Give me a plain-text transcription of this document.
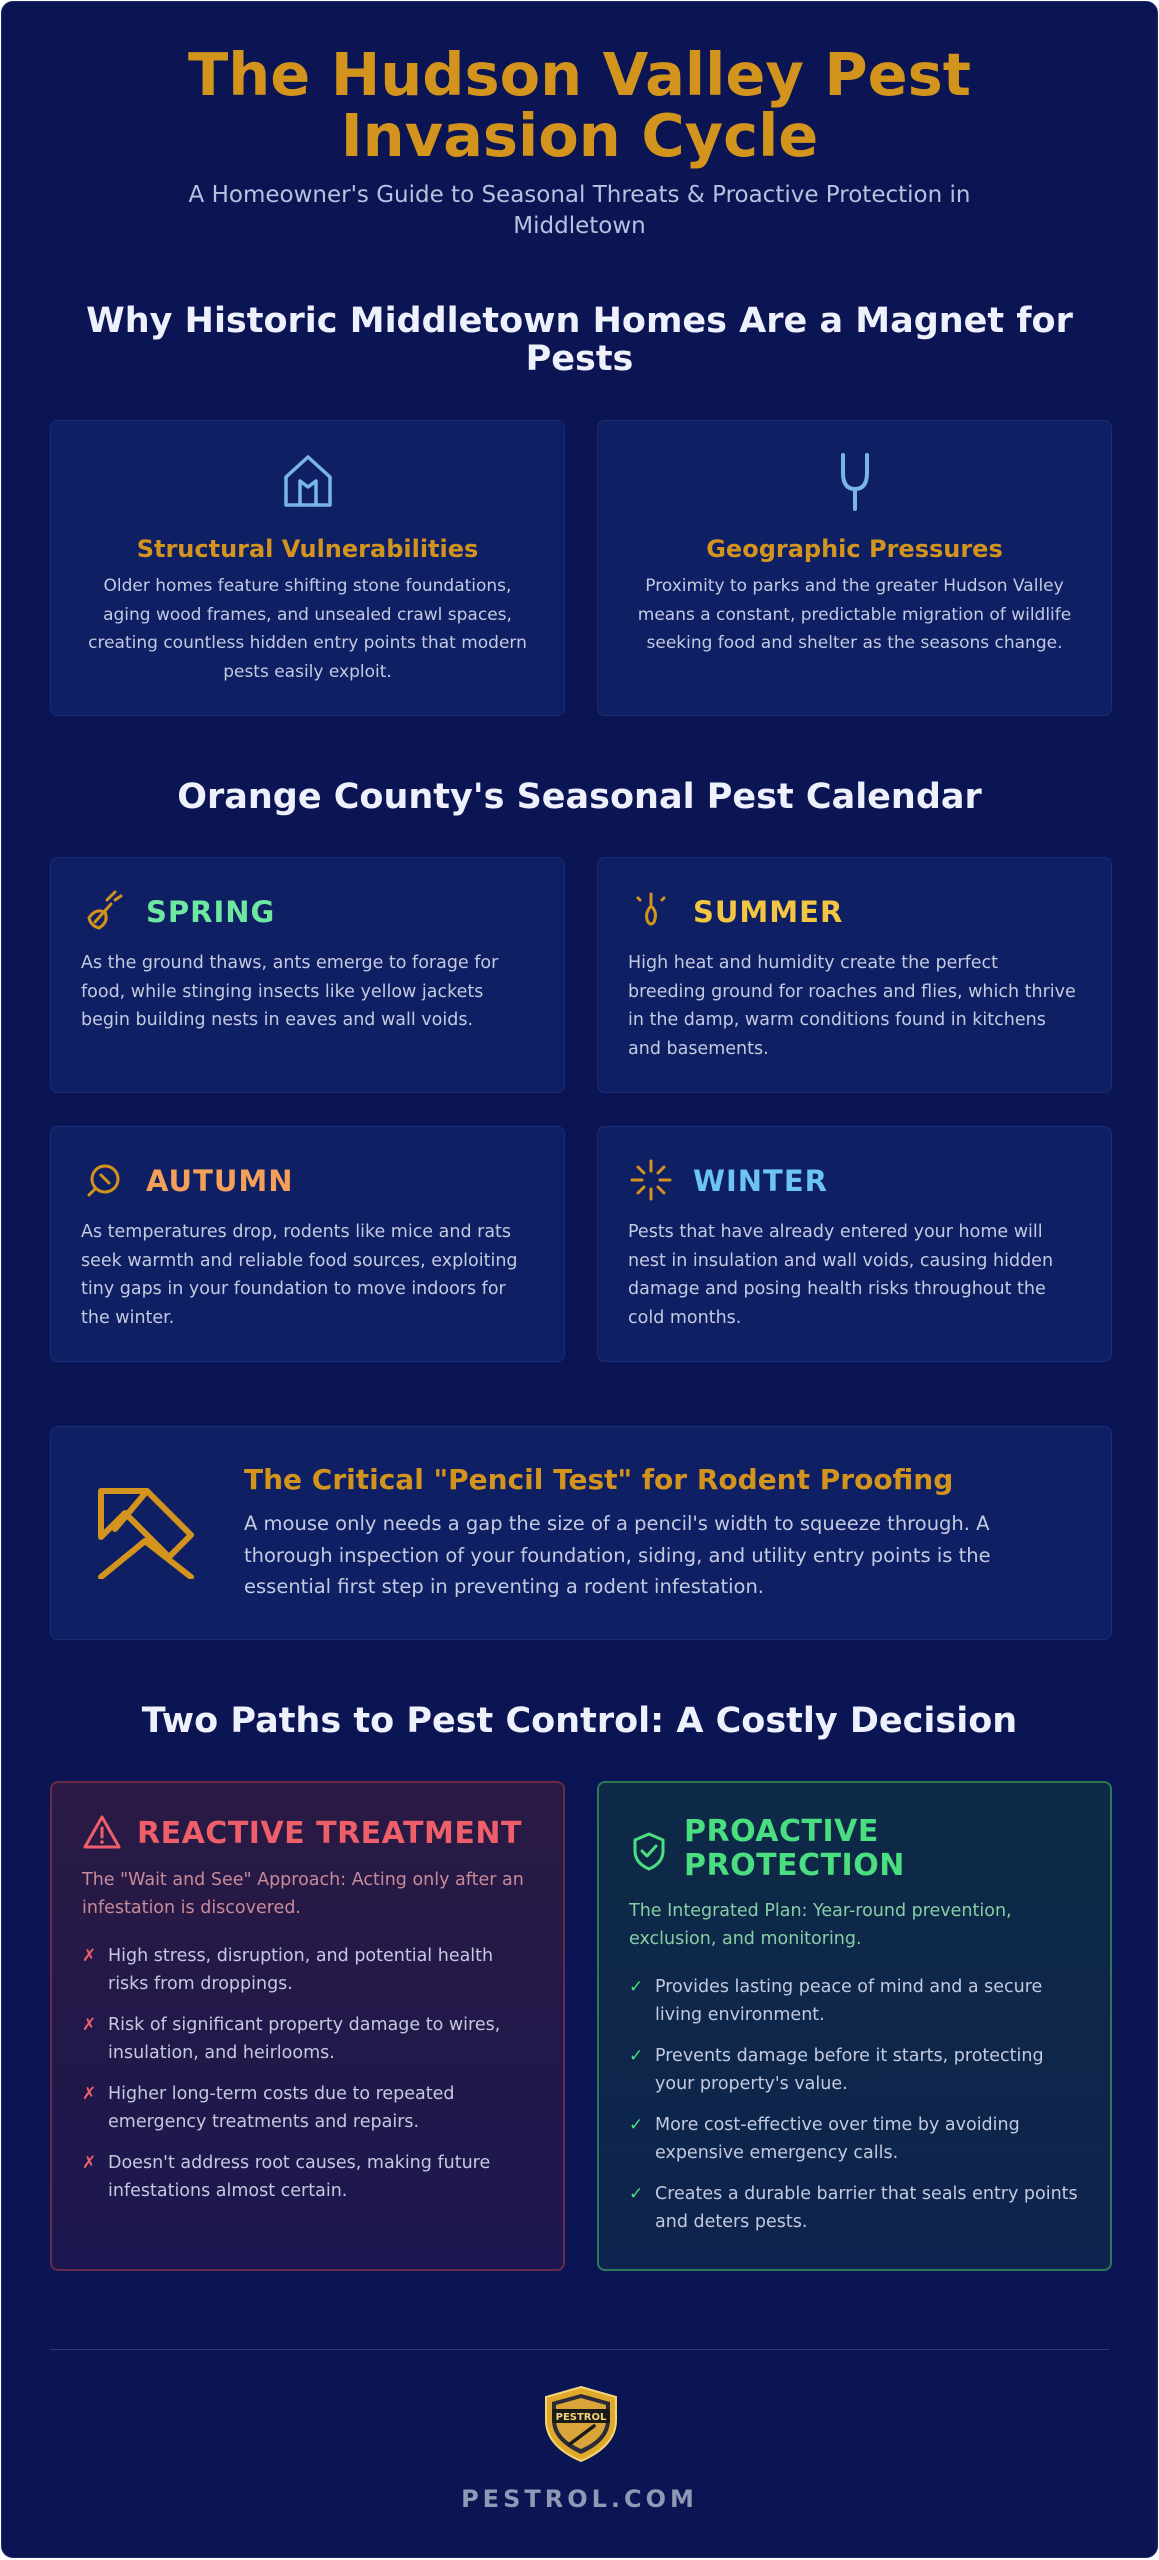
The Hudson Valley Pest Invasion Cycle

A Homeowner's Guide to Seasonal Threats & Proactive Protection in Middletown

Why Historic Middletown Homes Are a Magnet for Pests
Structural Vulnerabilities
Older homes feature shifting stone foundations, aging wood frames, and unsealed crawl spaces, creating countless hidden entry points that modern pests easily exploit.
Geographic Pressures
Proximity to parks and the greater Hudson Valley means a constant, predictable migration of wildlife seeking food and shelter as the seasons change.
Orange County's Seasonal Pest Calendar
SPRING
As the ground thaws, ants emerge to forage for food, while stinging insects like yellow jackets begin building nests in eaves and wall voids.
SUMMER
High heat and humidity create the perfect breeding ground for roaches and flies, which thrive in the damp, warm conditions found in kitchens and basements.
AUTUMN
As temperatures drop, rodents like mice and rats seek warmth and reliable food sources, exploiting tiny gaps in your foundation to move indoors for the winter.
WINTER
Pests that have already entered your home will nest in insulation and wall voids, causing hidden damage and posing health risks throughout the cold months.
The Critical "Pencil Test" for Rodent Proofing
A mouse only needs a gap the size of a pencil's width to squeeze through. A thorough inspection of your foundation, siding, and utility entry points is the essential first step in preventing a rodent infestation.
Two Paths to Pest Control: A Costly Decision
REACTIVE TREATMENT
The "Wait and See" Approach: Acting only after an infestation is discovered.
✗ High stress, disruption, and potential health risks from droppings.
✗ Risk of significant property damage to wires, insulation, and heirlooms.
✗ Higher long-term costs due to repeated emergency treatments and repairs.
✗ Doesn't address root causes, making future infestations almost certain.
PROACTIVE PROTECTION
The Integrated Plan: Year-round prevention, exclusion, and monitoring.
✓ Provides lasting peace of mind and a secure living environment.
✓ Prevents damage before it starts, protecting your property's value.
✓ More cost-effective over time by avoiding expensive emergency calls.
✓ Creates a durable barrier that seals entry points and deters pests.
PESTROL
PESTROL.COM
